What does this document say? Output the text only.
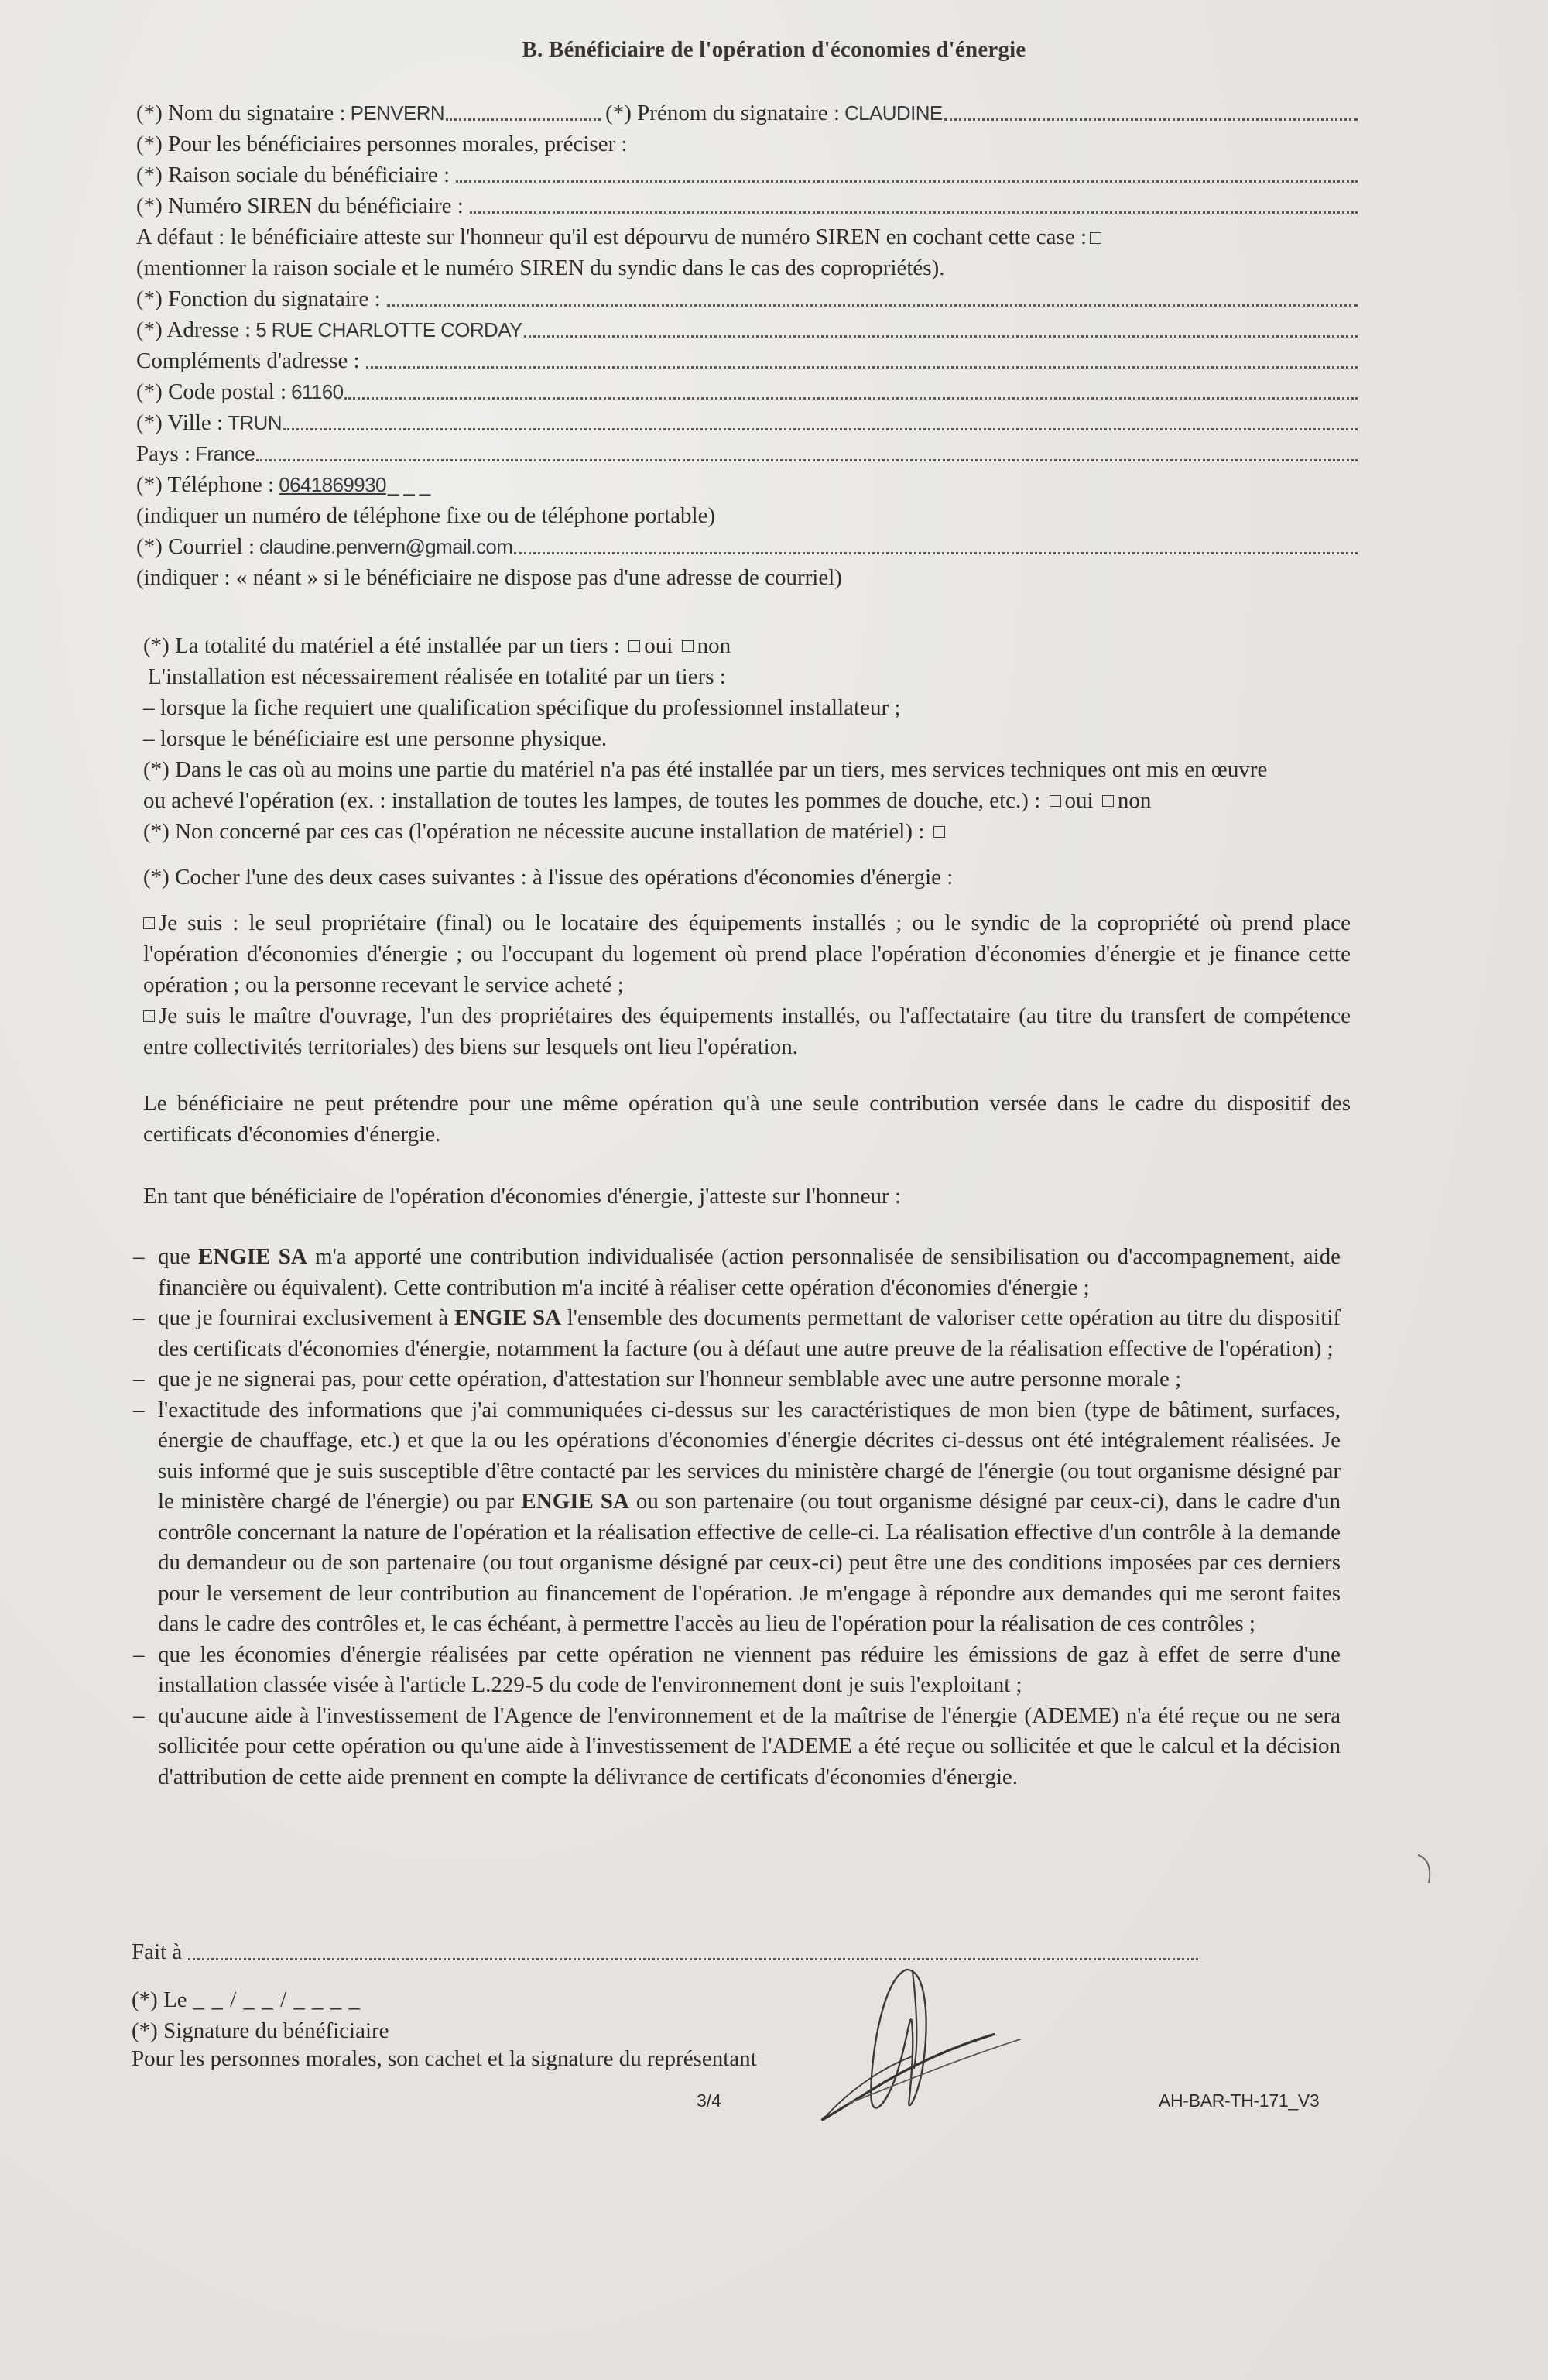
B. Bénéficiaire de l'opération d'économies d'énergie
(*) Nom du signataire : PENVERN	(*) Prénom du signataire : CLAUDINE
(*) Pour les bénéficiaires personnes morales, préciser :
(*) Raison sociale du bénéficiaire :
(*) Numéro SIREN du bénéficiaire :
A défaut : le bénéficiaire atteste sur l'honneur qu'il est dépourvu de numéro SIREN en cochant cette case :
(mentionner la raison sociale et le numéro SIREN du syndic dans le cas des copropriétés).
(*) Fonction du signataire :
(*) Adresse : 5 RUE CHARLOTTE CORDAY
Compléments d'adresse :
(*) Code postal : 61160
(*) Ville : TRUN
Pays : France
(*) Téléphone : 0641869930 _ _ _
(indiquer un numéro de téléphone fixe ou de téléphone portable)
(*) Courriel : claudine.penvern@gmail.com
(indiquer : « néant » si le bénéficiaire ne dispose pas d'une adresse de courriel)
(*) La totalité du matériel a été installée par un tiers : oui non
L'installation est nécessairement réalisée en totalité par un tiers :
– lorsque la fiche requiert une qualification spécifique du professionnel installateur ;
– lorsque le bénéficiaire est une personne physique.
(*) Dans le cas où au moins une partie du matériel n'a pas été installée par un tiers, mes services techniques ont mis en œuvre
ou achevé l'opération (ex. : installation de toutes les lampes, de toutes les pommes de douche, etc.) : oui non
(*) Non concerné par ces cas (l'opération ne nécessite aucune installation de matériel) :
(*) Cocher l'une des deux cases suivantes : à l'issue des opérations d'économies d'énergie :

Je suis : le seul propriétaire (final) ou le locataire des équipements installés ; ou le syndic de la copropriété où prend place l'opération d'économies d'énergie ; ou l'occupant du logement où prend place l'opération d'économies d'énergie et je finance cette opération ; ou la personne recevant le service acheté ;

Je suis le maître d'ouvrage, l'un des propriétaires des équipements installés, ou l'affectataire (au titre du transfert de compétence entre collectivités territoriales) des biens sur lesquels ont lieu l'opération.

Le bénéficiaire ne peut prétendre pour une même opération qu'à une seule contribution versée dans le cadre du dispositif des certificats d'économies d'énergie.
En tant que bénéficiaire de l'opération d'économies d'énergie, j'atteste sur l'honneur :
– que ENGIE SA m'a apporté une contribution individualisée (action personnalisée de sensibilisation ou d'accompagnement, aide financière ou équivalent). Cette contribution m'a incité à réaliser cette opération d'économies d'énergie ;
– que je fournirai exclusivement à ENGIE SA l'ensemble des documents permettant de valoriser cette opération au titre du dispositif des certificats d'économies d'énergie, notamment la facture (ou à défaut une autre preuve de la réalisation effective de l'opération) ;
– que je ne signerai pas, pour cette opération, d'attestation sur l'honneur semblable avec une autre personne morale ;
– l'exactitude des informations que j'ai communiquées ci-dessus sur les caractéristiques de mon bien (type de bâtiment, surfaces, énergie de chauffage, etc.) et que la ou les opérations d'économies d'énergie décrites ci-dessus ont été intégralement réalisées. Je suis informé que je suis susceptible d'être contacté par les services du ministère chargé de l'énergie (ou tout organisme désigné par le ministère chargé de l'énergie) ou par ENGIE SA ou son partenaire (ou tout organisme désigné par ceux-ci), dans le cadre d'un contrôle concernant la nature de l'opération et la réalisation effective de celle-ci. La réalisation effective d'un contrôle à la demande du demandeur ou de son partenaire (ou tout organisme désigné par ceux-ci) peut être une des conditions imposées par ces derniers pour le versement de leur contribution au financement de l'opération. Je m'engage à répondre aux demandes qui me seront faites dans le cadre des contrôles et, le cas échéant, à permettre l'accès au lieu de l'opération pour la réalisation de ces contrôles ;
– que les économies d'énergie réalisées par cette opération ne viennent pas réduire les émissions de gaz à effet de serre d'une installation classée visée à l'article L.229-5 du code de l'environnement dont je suis l'exploitant ;
– qu'aucune aide à l'investissement de l'Agence de l'environnement et de la maîtrise de l'énergie (ADEME) n'a été reçue ou ne sera sollicitée pour cette opération ou qu'une aide à l'investissement de l'ADEME a été reçue ou sollicitée et que le calcul et la décision d'attribution de cette aide prennent en compte la délivrance de certificats d'économies d'énergie.
Fait à
(*) Le _ _ / _ _ / _ _ _ _
(*) Signature du bénéficiaire
Pour les personnes morales, son cachet et la signature du représentant
3/4	AH-BAR-TH-171_V3
